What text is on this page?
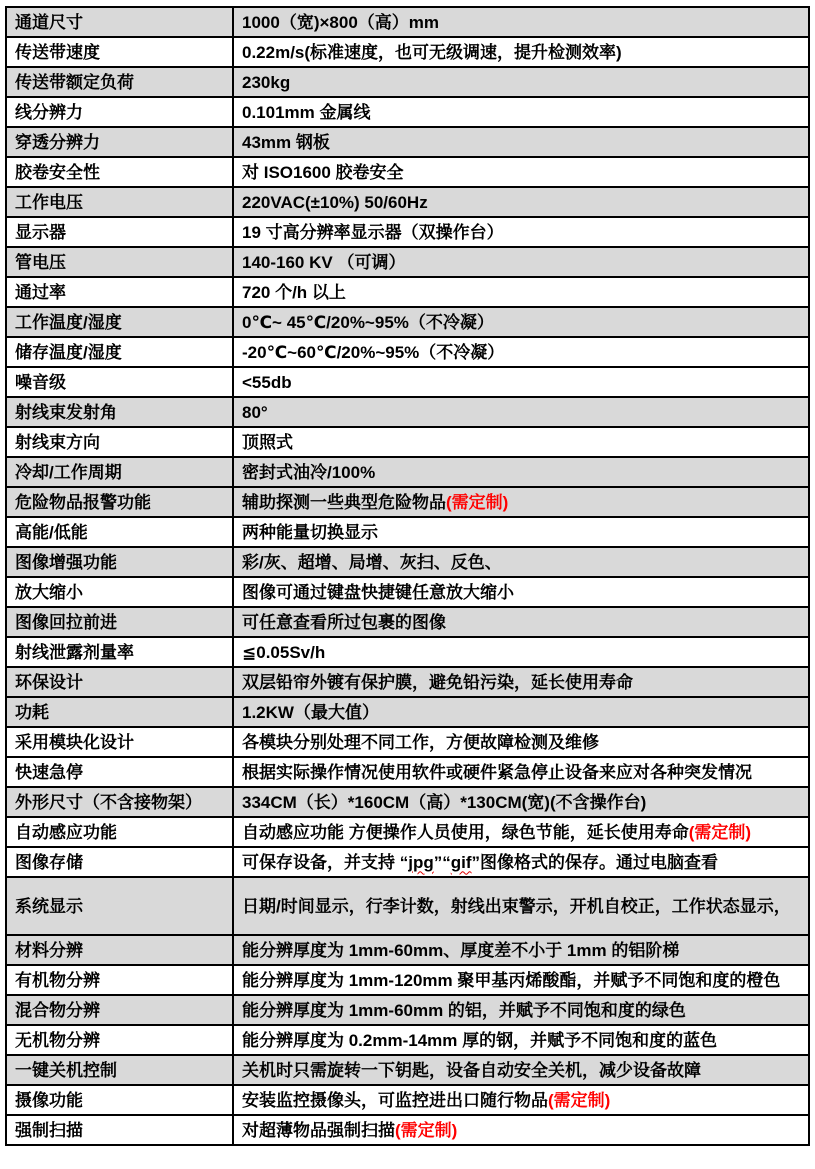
通道尺寸	1000（宽)×800（高）mm
传送带速度	0.22m/s(标准速度，也可无级调速，提升检测效率)
传送带额定负荷	230kg
线分辨力	0.101mm 金属线
穿透分辨力	43mm 钢板
胶卷安全性	对 ISO1600 胶卷安全
工作电压	220VAC(±10%) 50/60Hz
显示器	19 寸高分辨率显示器（双操作台）
管电压	140-160 KV （可调）
通过率	720 个/h 以上
工作温度/湿度	0℃~ 45℃/20%~95%（不冷凝）
储存温度/湿度	-20℃~60℃/20%~95%（不冷凝）
噪音级	<55db
射线束发射角	80°
射线束方向	顶照式
冷却/工作周期	密封式油冷/100%
危险物品报警功能	辅助探测一些典型危险物品(需定制)
高能/低能	两种能量切换显示
图像增强功能	彩/灰、超增、局增、灰扫、反色、
放大缩小	图像可通过键盘快捷键任意放大缩小
图像回拉前进	可任意查看所过包裹的图像
射线泄露剂量率	≦0.05Sv/h
环保设计	双层铅帘外镀有保护膜，避免铅污染，延长使用寿命
功耗	1.2KW（最大值）
采用模块化设计	各模块分别处理不同工作，方便故障检测及维修
快速急停	根据实际操作情况使用软件或硬件紧急停止设备来应对各种突发情况
外形尺寸（不含接物架）	334CM（长）*160CM（高）*130CM(宽)(不含操作台)
自动感应功能	自动感应功能 方便操作人员使用，绿色节能，延长使用寿命(需定制)
图像存储	可保存设备，并支持 “jpg”“gif”图像格式的保存。通过电脑查看
系统显示	日期/时间显示，行李计数，射线出束警示，开机自校正，工作状态显示，
材料分辨	能分辨厚度为 1mm-60mm、厚度差不小于 1mm 的铝阶梯
有机物分辨	能分辨厚度为 1mm-120mm 聚甲基丙烯酸酯，并赋予不同饱和度的橙色
混合物分辨	能分辨厚度为 1mm-60mm 的铝，并赋予不同饱和度的绿色
无机物分辨	能分辨厚度为 0.2mm-14mm 厚的钢，并赋予不同饱和度的蓝色
一键关机控制	关机时只需旋转一下钥匙，设备自动安全关机，减少设备故障
摄像功能	安装监控摄像头，可监控进出口随行物品(需定制)
强制扫描	对超薄物品强制扫描(需定制)
